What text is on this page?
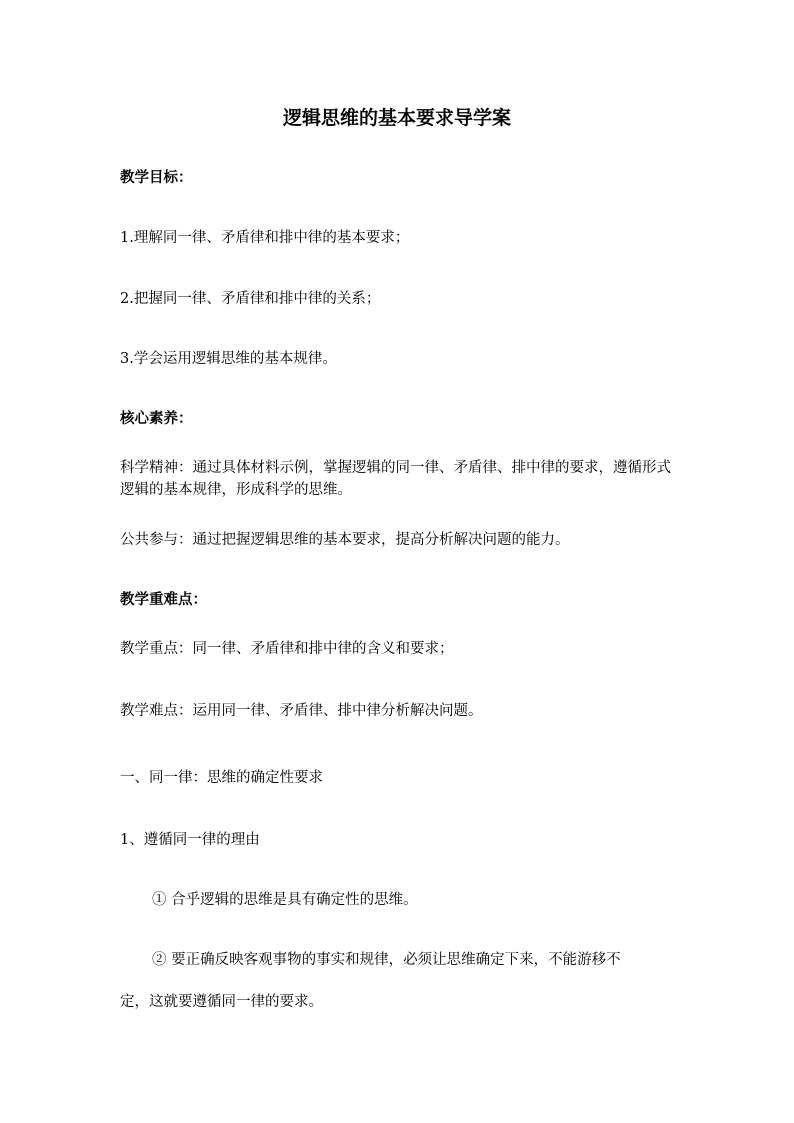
逻辑思维的基本要求导学案
教学目标：
1.理解同一律、矛盾律和排中律的基本要求；
2.把握同一律、矛盾律和排中律的关系；
3.学会运用逻辑思维的基本规律。
核心素养：
科学精神：通过具体材料示例，掌握逻辑的同一律、矛盾律、排中律的要求，遵循形式逻辑的基本规律，形成科学的思维。
公共参与：通过把握逻辑思维的基本要求，提高分析解决问题的能力。
教学重难点：
教学重点：同一律、矛盾律和排中律的含义和要求；
教学难点：运用同一律、矛盾律、排中律分析解决问题。
一、同一律：思维的确定性要求
1、遵循同一律的理由
① 合乎逻辑的思维是具有确定性的思维。
② 要正确反映客观事物的事实和规律，必须让思维确定下来，不能游移不
定，这就要遵循同一律的要求。
